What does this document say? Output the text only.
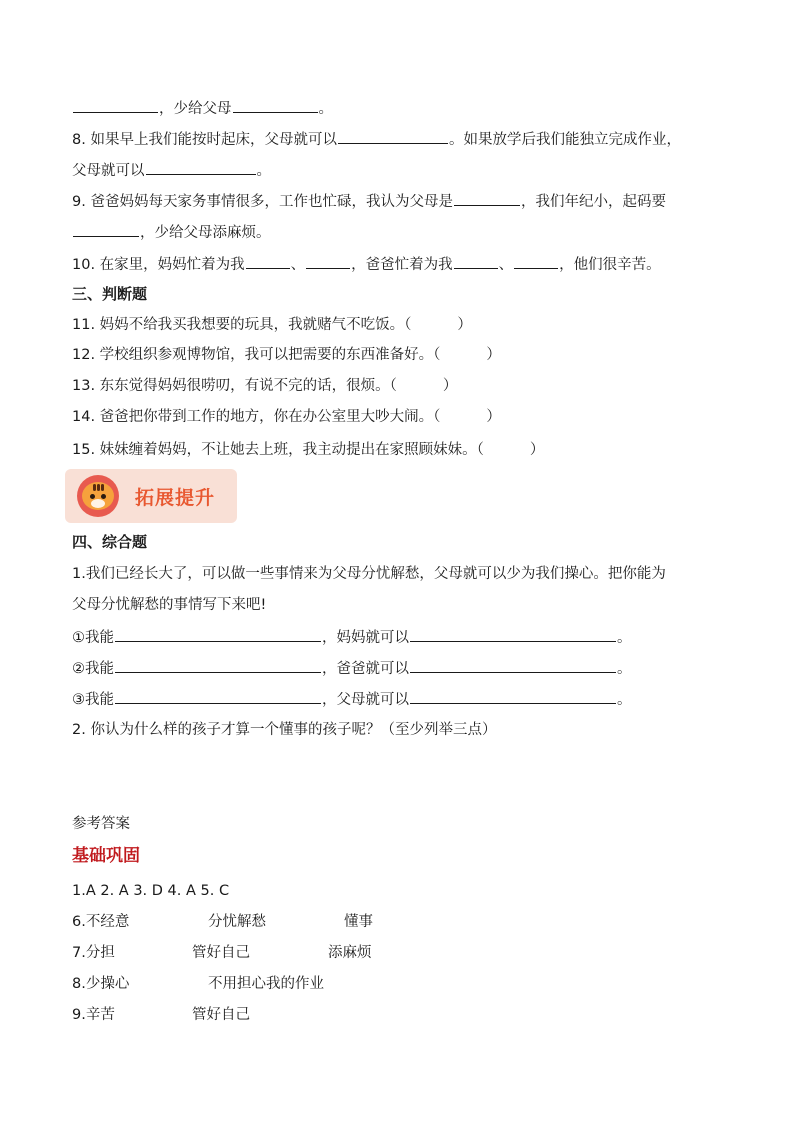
，少给父母	。
8. 如果早上我们能按时起床，父母就可以	。如果放学后我们能独立完成作业，
父母就可以	。
9. 爸爸妈妈每天家务事情很多，工作也忙碌，我认为父母是	，我们年纪小，起码要
，少给父母添麻烦。
10. 在家里，妈妈忙着为我	、	，爸爸忙着为我	、	，他们很辛苦。
三、判断题
11. 妈妈不给我买我想要的玩具，我就赌气不吃饭。（	）
12. 学校组织参观博物馆，我可以把需要的东西准备好。（	）
13. 东东觉得妈妈很唠叨，有说不完的话，很烦。（	）
14. 爸爸把你带到工作的地方，你在办公室里大吵大闹。（	）
15. 妹妹缠着妈妈，不让她去上班，我主动提出在家照顾妹妹。（	）
拓展提升
四、综合题
1.我们已经长大了，可以做一些事情来为父母分忧解愁，父母就可以少为我们操心。把你能为
父母分忧解愁的事情写下来吧!
①我能	，妈妈就可以	。
②我能	，爸爸就可以	。
③我能	，父母就可以	。
2. 你认为什么样的孩子才算一个懂事的孩子呢？（至少列举三点）
参考答案
基础巩固
1.A 2. A 3. D 4. A 5. C
6.不经意	分忧解愁	懂事
7.分担	管好自己	添麻烦
8.少操心	不用担心我的作业
9.辛苦	管好自己
